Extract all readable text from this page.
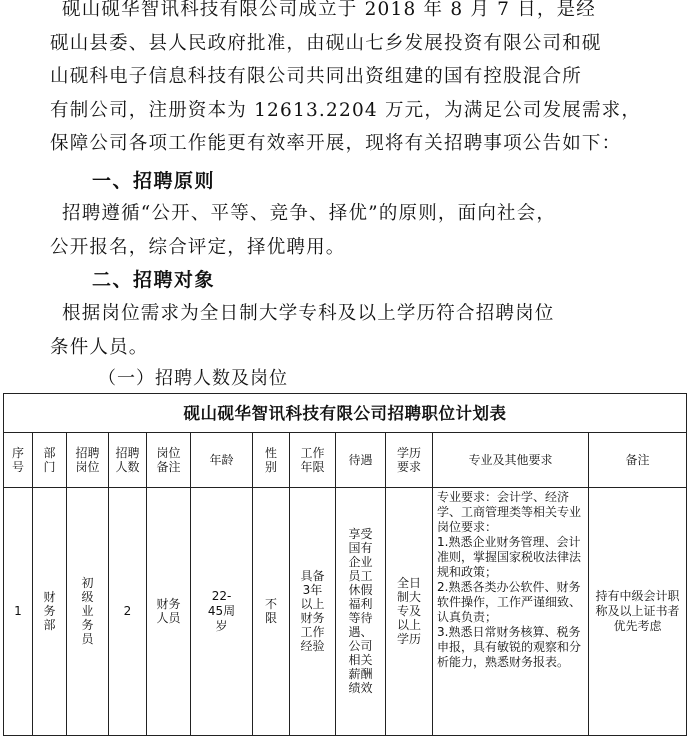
砚山砚华智讯科技有限公司成立于 2018 年 8 月 7 日，是经
砚山县委、县人民政府批准，由砚山七乡发展投资有限公司和砚
山砚科电子信息科技有限公司共同出资组建的国有控股混合所
有制公司，注册资本为 12613.2204 万元，为满足公司发展需求，
保障公司各项工作能更有效率开展，现将有关招聘事项公告如下：
一、招聘原则
招聘遵循“公开、平等、竞争、择优”的原则，面向社会，
公开报名，综合评定，择优聘用。
二、招聘对象
根据岗位需求为全日制大学专科及以上学历符合招聘岗位
条件人员。
（一）招聘人数及岗位
砚山砚华智讯科技有限公司招聘职位计划表											
序号	部门	招聘岗位	招聘人数	岗位备注	年龄	性别	工作年限	待遇	学历要求	专业及其他要求	备注
1	财务部	初级业务员	2	财务人员	22-45周岁	不限	具备3年以上财务工作经验	享受国有企业员工休假福利等待遇、公司相关薪酬绩效	全日制大专及以上学历	专业要求：会计学、经济学、工商管理类等相关专业
岗位要求：
1.熟悉企业财务管理、会计准则，掌握国家税收法律法规和政策；
2.熟悉各类办公软件、财务软件操作，工作严谨细致、认真负责；
3.熟悉日常财务核算、税务申报，具有敏锐的观察和分析能力，熟悉财务报表。	持有中级会计职称及以上证书者优先考虑
